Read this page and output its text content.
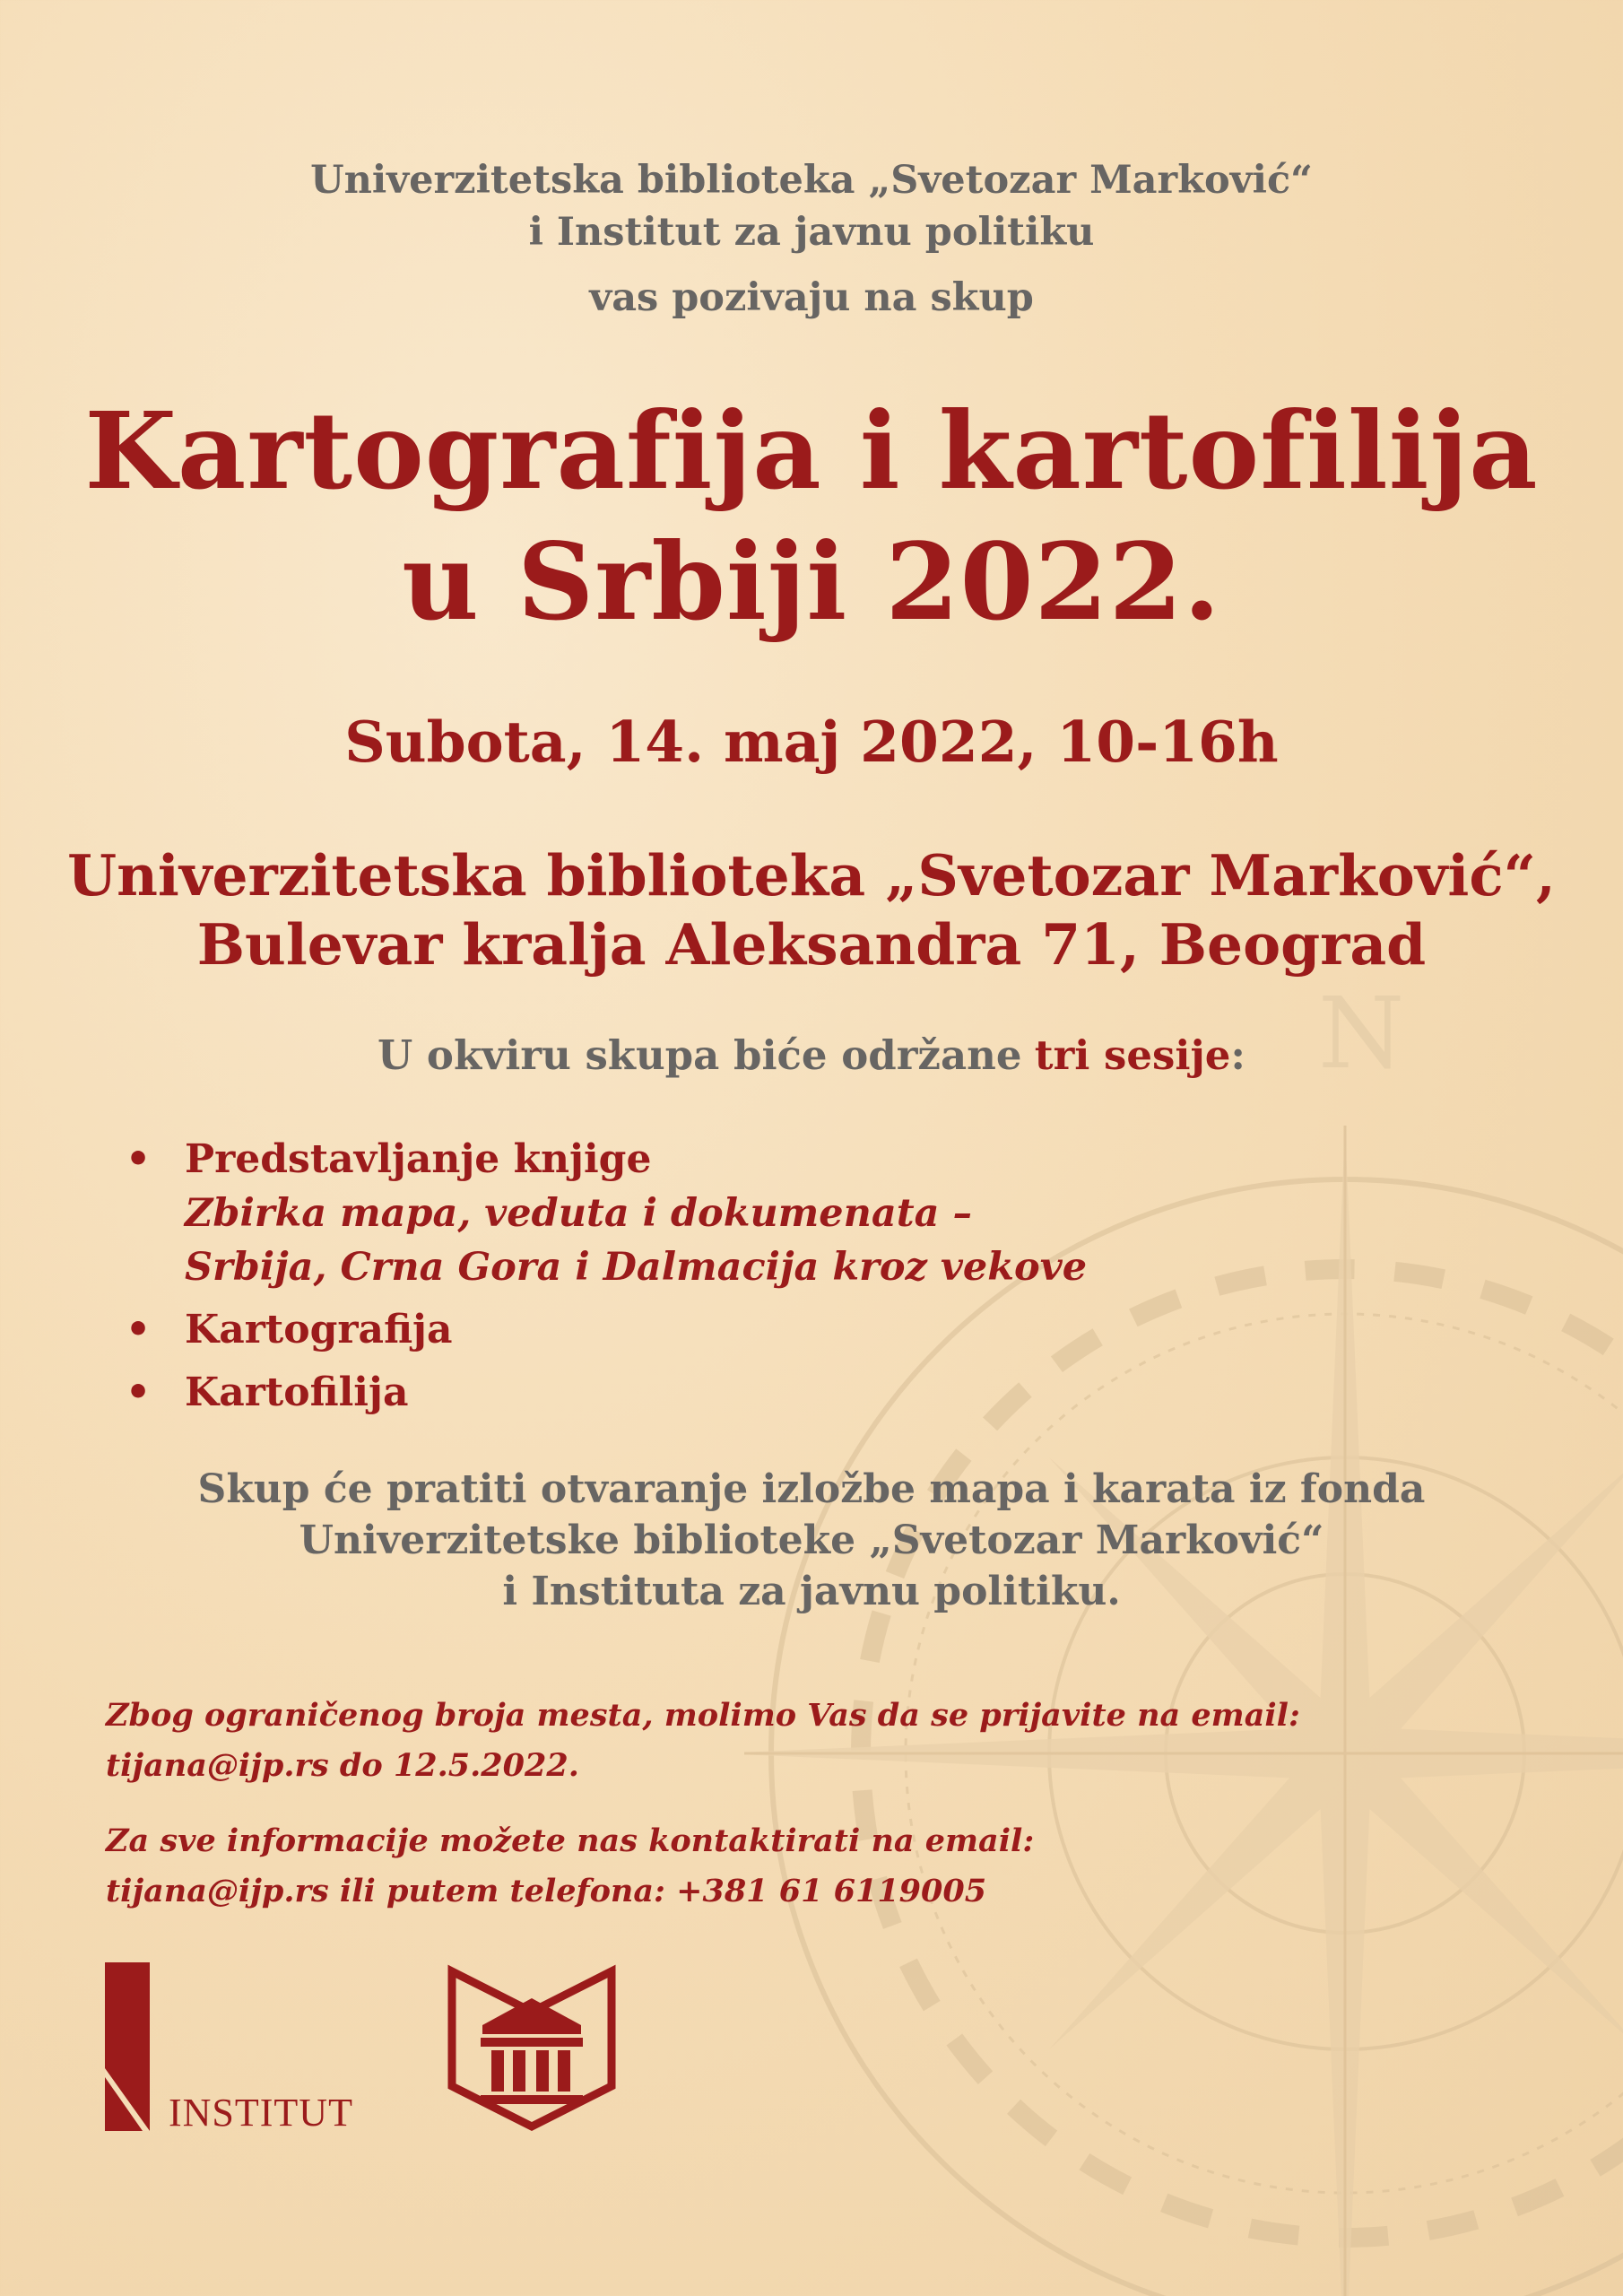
N
Univerzitetska biblioteka „Svetozar Marković“
i Institut za javnu politiku
vas pozivaju na skup
Kartografija i kartofilija
u Srbiji 2022.
Subota, 14. maj 2022, 10-16h
Univerzitetska biblioteka „Svetozar Marković“,
Bulevar kralja Aleksandra 71, Beograd
U okviru skupa biće održane tri sesije:
• Predstavljanje knjige
Zbirka mapa, veduta i dokumenata –
Srbija, Crna Gora i Dalmacija kroz vekove
• Kartografija
• Kartofilija
Skup će pratiti otvaranje izložbe mapa i karata iz fonda
Univerzitetske biblioteke „Svetozar Marković“
i Instituta za javnu politiku.
Zbog ograničenog broja mesta, molimo Vas da se prijavite na email:
tijana@ijp.rs do 12.5.2022.
Za sve informacije možete nas kontaktirati na email:
tijana@ijp.rs ili putem telefona: +381 61 6119005
INSTITUT
